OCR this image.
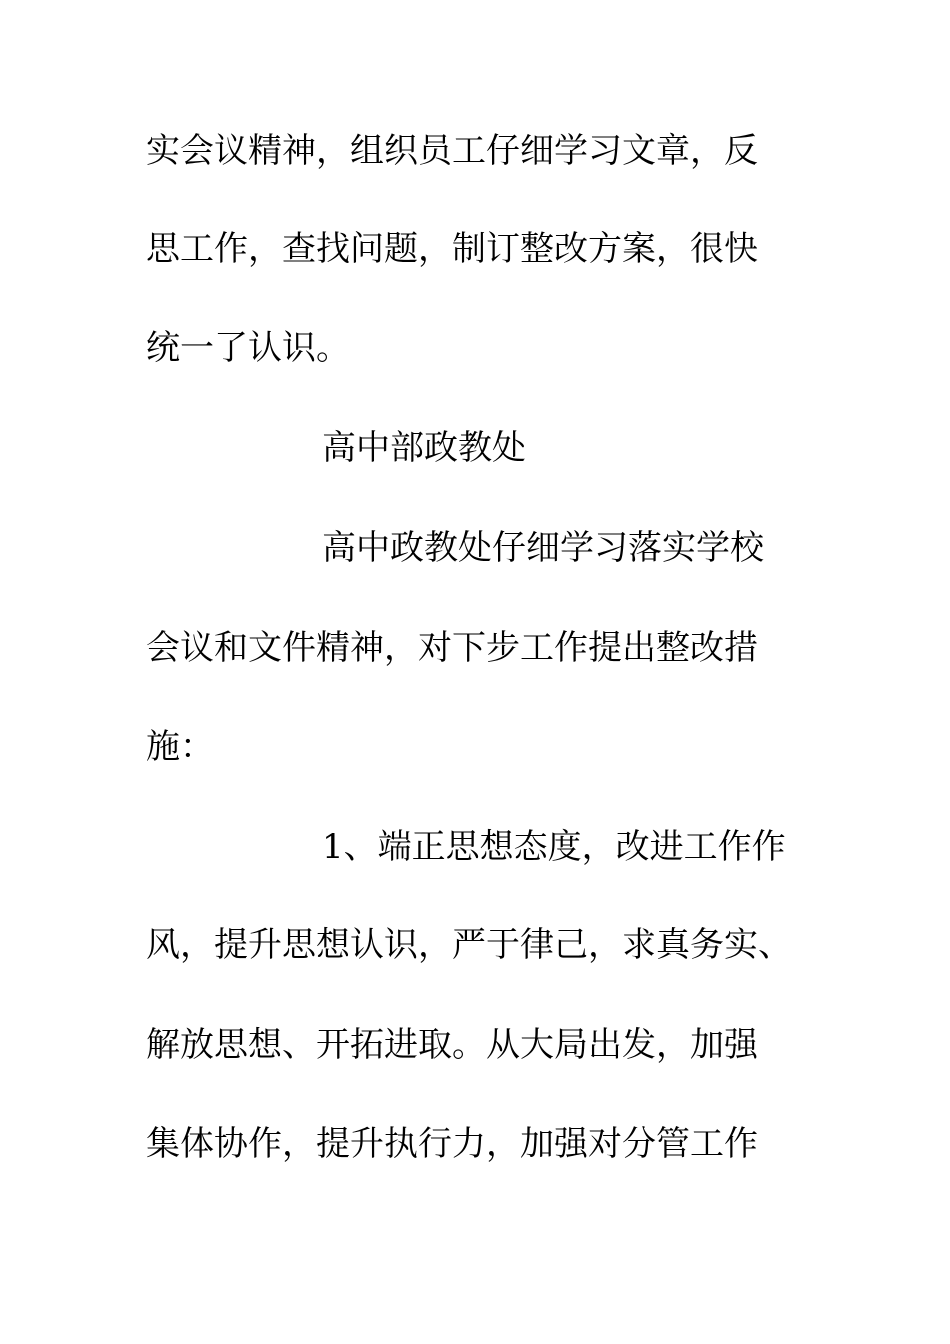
实会议精神，组织员工仔细学习文章，反
思工作，查找问题，制订整改方案，很快
统一了认识。
高中部政教处
高中政教处仔细学习落实学校
会议和文件精神，对下步工作提出整改措
施：
1、端正思想态度，改进工作作
风，提升思想认识，严于律己，求真务实、
解放思想、开拓进取。从大局出发，加强
集体协作，提升执行力，加强对分管工作
